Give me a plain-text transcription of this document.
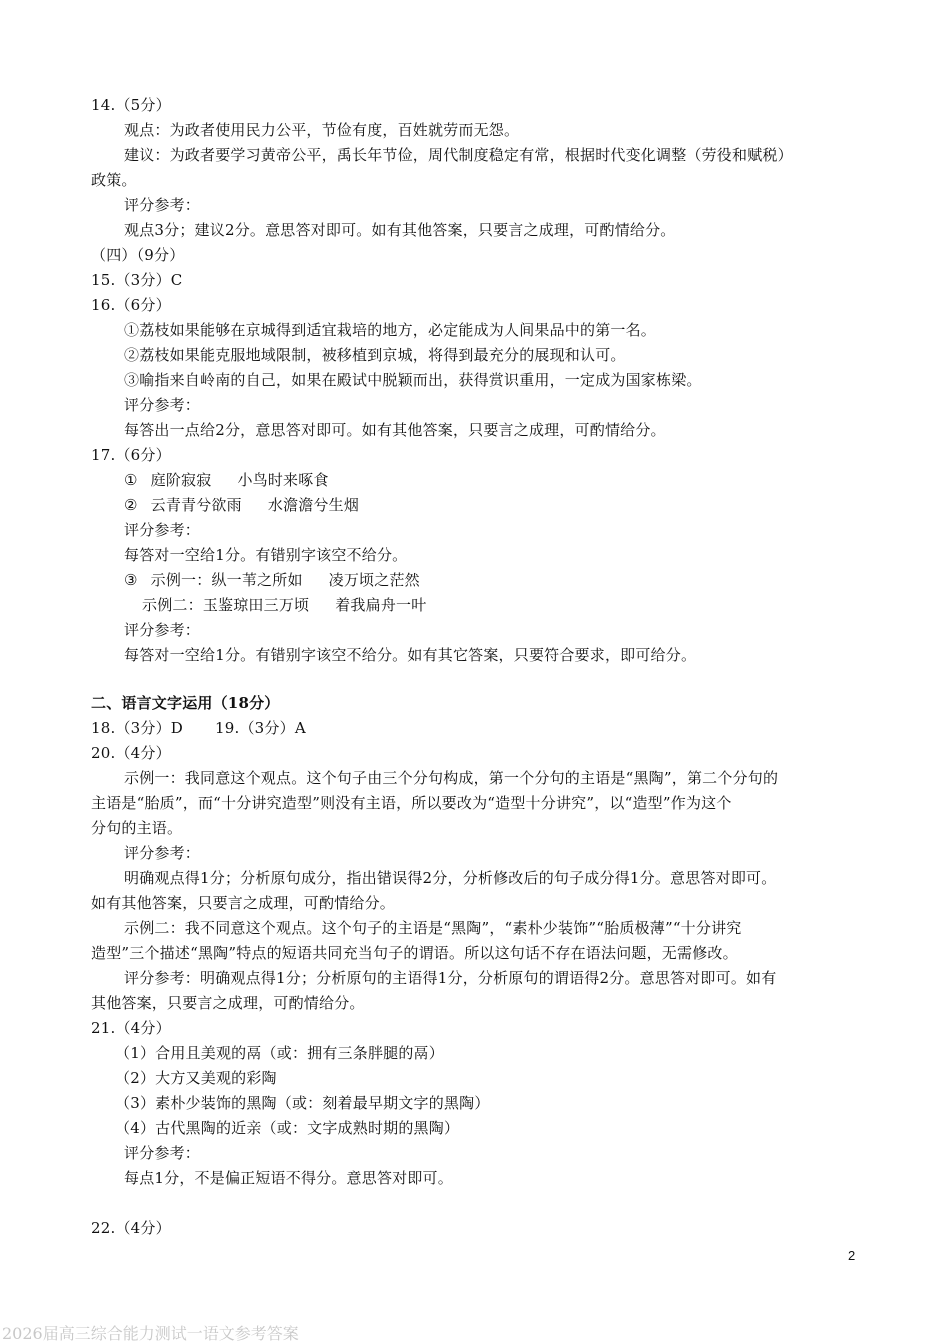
14.（5分）
观点：为政者使用民力公平，节俭有度，百姓就劳而无怨。
建议：为政者要学习黄帝公平，禹长年节俭，周代制度稳定有常，根据时代变化调整（劳役和赋税）
政策。
评分参考：
观点3分；建议2分。意思答对即可。如有其他答案，只要言之成理，可酌情给分。
（四）（9分）
15.（3分）C
16.（6分）
①荔枝如果能够在京城得到适宜栽培的地方，必定能成为人间果品中的第一名。
②荔枝如果能克服地域限制，被移植到京城，将得到最充分的展现和认可。
③喻指来自岭南的自己，如果在殿试中脱颖而出，获得赏识重用，一定成为国家栋梁。
评分参考：
每答出一点给2分，意思答对即可。如有其他答案，只要言之成理，可酌情给分。
17.（6分）
① 庭阶寂寂 小鸟时来啄食
② 云青青兮欲雨 水澹澹兮生烟
评分参考：
每答对一空给1分。有错别字该空不给分。
③ 示例一：纵一苇之所如 凌万顷之茫然
示例二：玉鉴琼田三万顷 着我扁舟一叶
评分参考：
每答对一空给1分。有错别字该空不给分。如有其它答案，只要符合要求，即可给分。
二、语言文字运用（18分）
18.（3分）D 19.（3分）A
20.（4分）
示例一：我同意这个观点。这个句子由三个分句构成，第一个分句的主语是“黑陶”，第二个分句的
主语是“胎质”，而“十分讲究造型”则没有主语，所以要改为“造型十分讲究”，以“造型”作为这个
分句的主语。
评分参考：
明确观点得1分；分析原句成分，指出错误得2分，分析修改后的句子成分得1分。意思答对即可。
如有其他答案，只要言之成理，可酌情给分。
示例二：我不同意这个观点。这个句子的主语是“黑陶”，“素朴少装饰”“胎质极薄”“十分讲究
造型”三个描述“黑陶”特点的短语共同充当句子的谓语。所以这句话不存在语法问题，无需修改。
评分参考：明确观点得1分；分析原句的主语得1分，分析原句的谓语得2分。意思答对即可。如有
其他答案，只要言之成理，可酌情给分。
21.（4分）
（1）合用且美观的鬲（或：拥有三条胖腿的鬲）
（2）大方又美观的彩陶
（3）素朴少装饰的黑陶（或：刻着最早期文字的黑陶）
（4）古代黑陶的近亲（或：文字成熟时期的黑陶）
评分参考：
每点1分，不是偏正短语不得分。意思答对即可。
22.（4分）
2
2026届高三综合能力测试一语文参考答案
